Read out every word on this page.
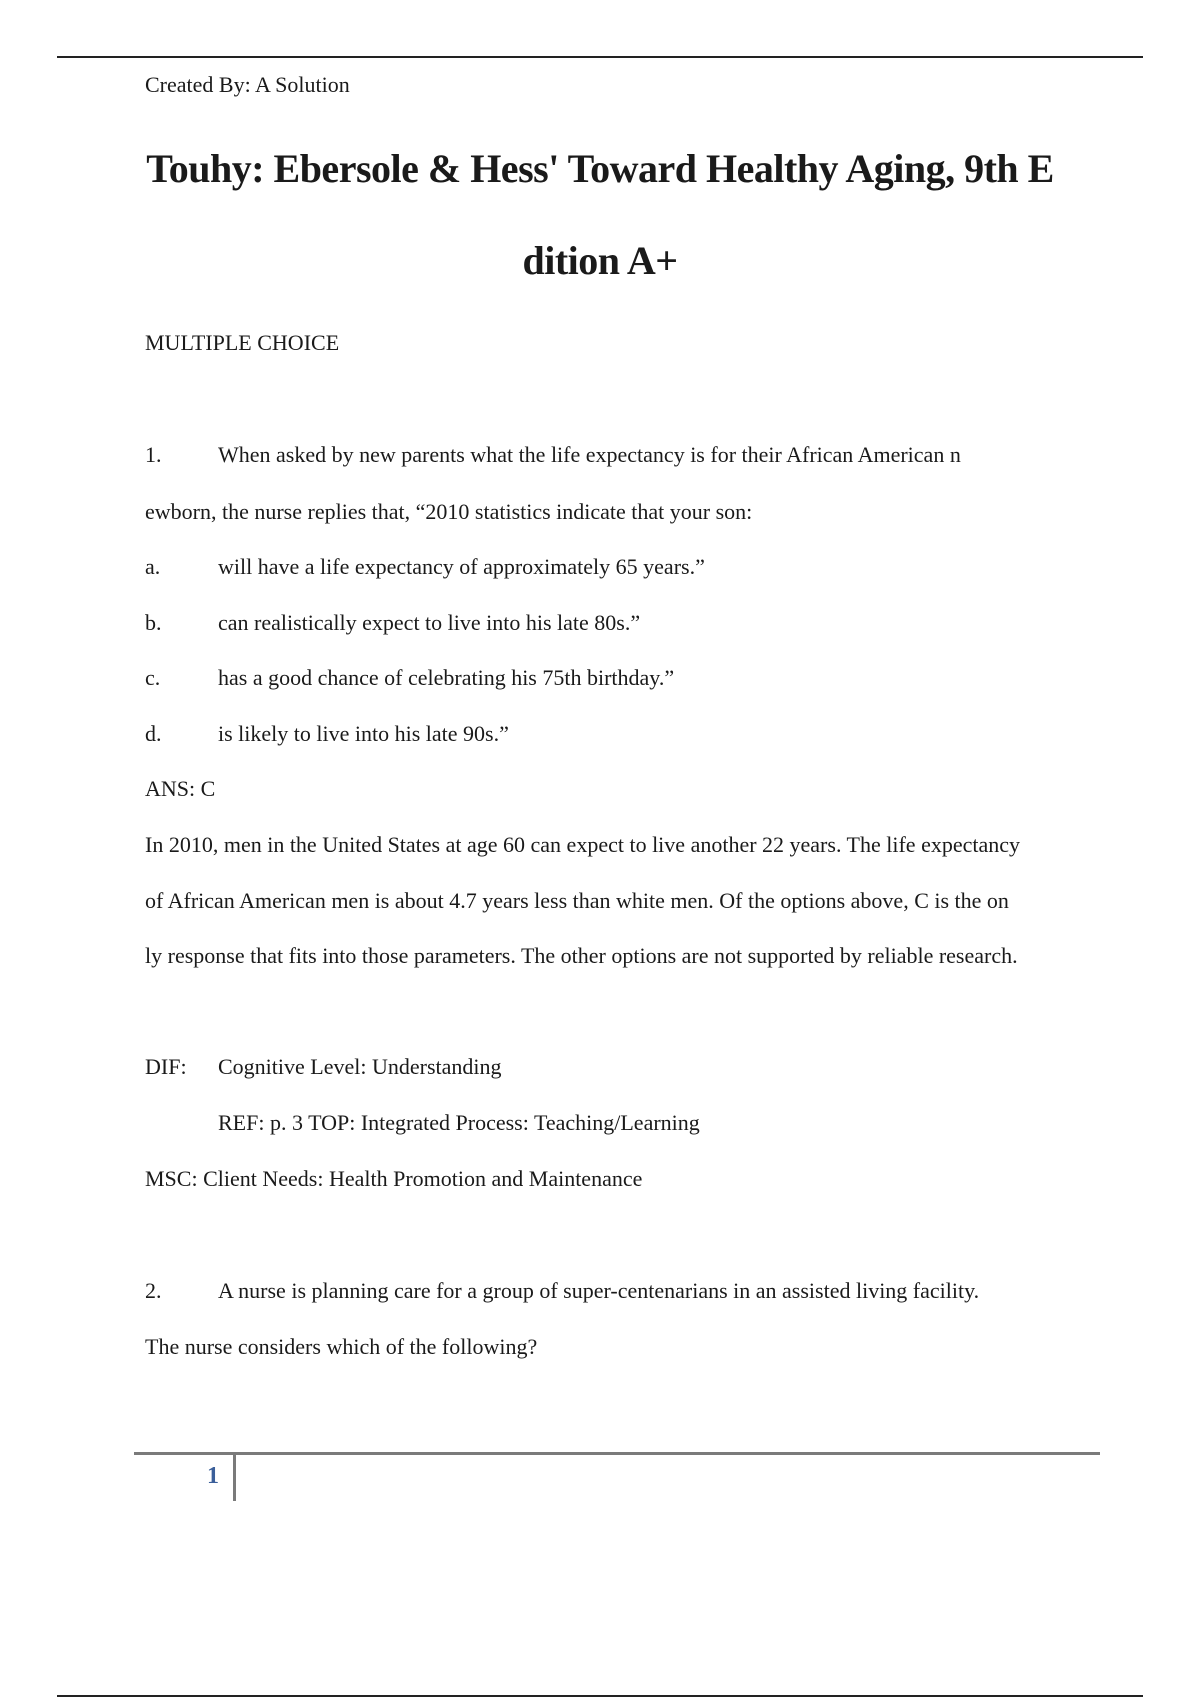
Created By: A Solution

Touhy: Ebersole & Hess' Toward Healthy Aging, 9th E
dition A+

MULTIPLE CHOICE

1.	When asked by new parents what the life expectancy is for their African American n

ewborn, the nurse replies that, “2010 statistics indicate that your son:

a.	will have a life expectancy of approximately 65 years.”

b.	can realistically expect to live into his late 80s.”

c.	has a good chance of celebrating his 75th birthday.”

d.	is likely to live into his late 90s.”

ANS: C

In 2010, men in the United States at age 60 can expect to live another 22 years. The life expectancy

of African American men is about 4.7 years less than white men. Of the options above, C is the on

ly response that fits into those parameters. The other options are not supported by reliable research.

DIF: Cognitive Level: Understanding

REF: p. 3 TOP: Integrated Process: Teaching/Learning

MSC: Client Needs: Health Promotion and Maintenance

2.	A nurse is planning care for a group of super-centenarians in an assisted living facility.

The nurse considers which of the following?

1
